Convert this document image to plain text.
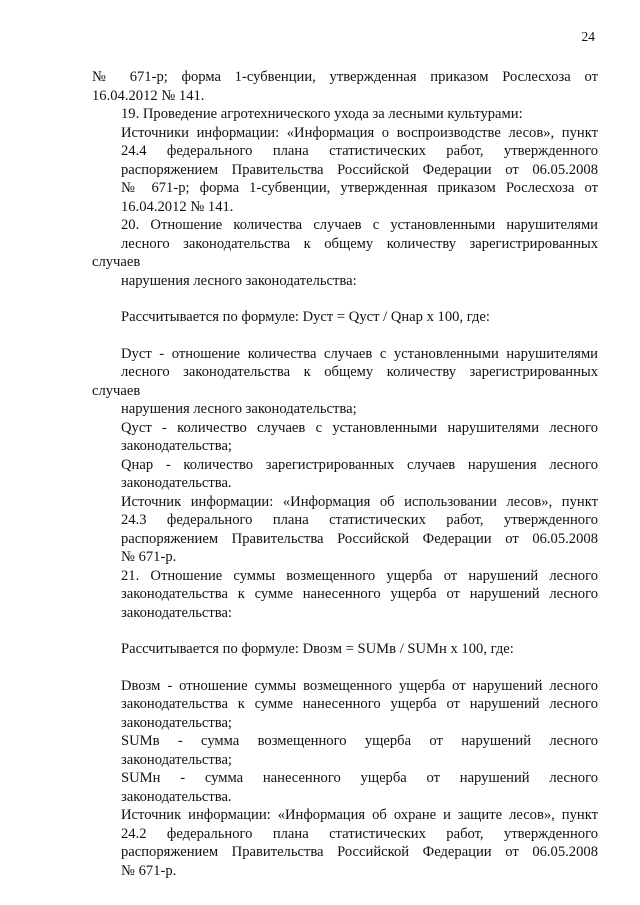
24
№ 671-р; форма 1-субвенции, утвержденная приказом Рослесхоза от
16.04.2012 № 141.
19. Проведение агротехнического ухода за лесными культурами:
Источники информации: «Информация о воспроизводстве лесов», пункт
24.4 федерального плана статистических работ, утвержденного
распоряжением Правительства Российской Федерации от 06.05.2008
№ 671-р; форма 1-субвенции, утвержденная приказом Рослесхоза от
16.04.2012 № 141.
20. Отношение количества случаев с установленными нарушителями
лесного законодательства к общему количеству зарегистрированных случаев
нарушения лесного законодательства:
Рассчитывается по формуле: Dуст = Qуст / Qнар х 100, где:
Dуст - отношение количества случаев с установленными нарушителями
лесного законодательства к общему количеству зарегистрированных случаев
нарушения лесного законодательства;
Qуст - количество случаев с установленными нарушителями лесного
законодательства;
Qнар - количество зарегистрированных случаев нарушения лесного
законодательства.
Источник информации: «Информация об использовании лесов», пункт
24.3 федерального плана статистических работ, утвержденного
распоряжением Правительства Российской Федерации от 06.05.2008
№ 671-р.
21. Отношение суммы возмещенного ущерба от нарушений лесного
законодательства к сумме нанесенного ущерба от нарушений лесного
законодательства:
Рассчитывается по формуле: Dвозм = SUMв / SUMн х 100, где:
Dвозм - отношение суммы возмещенного ущерба от нарушений лесного
законодательства к сумме нанесенного ущерба от нарушений лесного
законодательства;
SUMв - сумма возмещенного ущерба от нарушений лесного
законодательства;
SUMн - сумма нанесенного ущерба от нарушений лесного
законодательства.
Источник информации: «Информация об охране и защите лесов», пункт
24.2 федерального плана статистических работ, утвержденного
распоряжением Правительства Российской Федерации от 06.05.2008
№ 671-р.
